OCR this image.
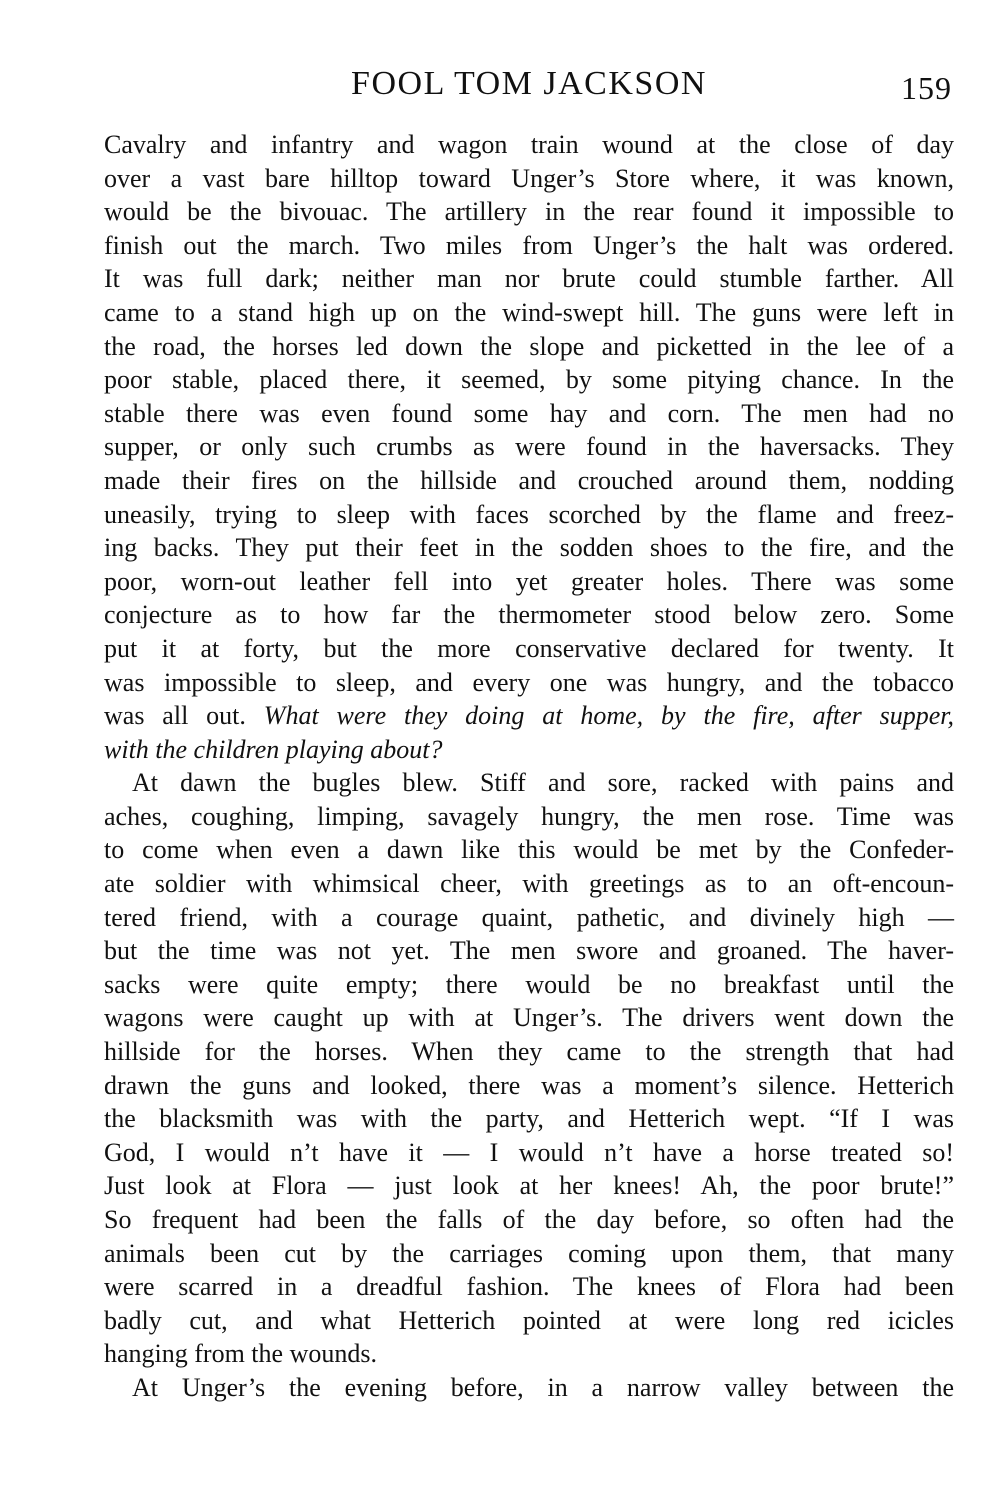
FOOL TOM JACKSON	159
Cavalry and infantry and wagon train wound at the close of day
over a vast bare hilltop toward Unger’s Store where, it was known,
would be the bivouac. The artillery in the rear found it impossible to
finish out the march. Two miles from Unger’s the halt was ordered.
It was full dark; neither man nor brute could stumble farther. All
came to a stand high up on the wind-swept hill. The guns were left in
the road, the horses led down the slope and picketted in the lee of a
poor stable, placed there, it seemed, by some pitying chance. In the
stable there was even found some hay and corn. The men had no
supper, or only such crumbs as were found in the haversacks. They
made their fires on the hillside and crouched around them, nodding
uneasily, trying to sleep with faces scorched by the flame and freez-
ing backs. They put their feet in the sodden shoes to the fire, and the
poor, worn-out leather fell into yet greater holes. There was some
conjecture as to how far the thermometer stood below zero. Some
put it at forty, but the more conservative declared for twenty. It
was impossible to sleep, and every one was hungry, and the tobacco
was all out. What were they doing at home, by the fire, after supper,
with the children playing about?
At dawn the bugles blew. Stiff and sore, racked with pains and
aches, coughing, limping, savagely hungry, the men rose. Time was
to come when even a dawn like this would be met by the Confeder-
ate soldier with whimsical cheer, with greetings as to an oft-encoun-
tered friend, with a courage quaint, pathetic, and divinely high —
but the time was not yet. The men swore and groaned. The haver-
sacks were quite empty; there would be no breakfast until the
wagons were caught up with at Unger’s. The drivers went down the
hillside for the horses. When they came to the strength that had
drawn the guns and looked, there was a moment’s silence. Hetterich
the blacksmith was with the party, and Hetterich wept. “If I was
God, I would n’t have it — I would n’t have a horse treated so!
Just look at Flora — just look at her knees! Ah, the poor brute!”
So frequent had been the falls of the day before, so often had the
animals been cut by the carriages coming upon them, that many
were scarred in a dreadful fashion. The knees of Flora had been
badly cut, and what Hetterich pointed at were long red icicles
hanging from the wounds.
At Unger’s the evening before, in a narrow valley between the
